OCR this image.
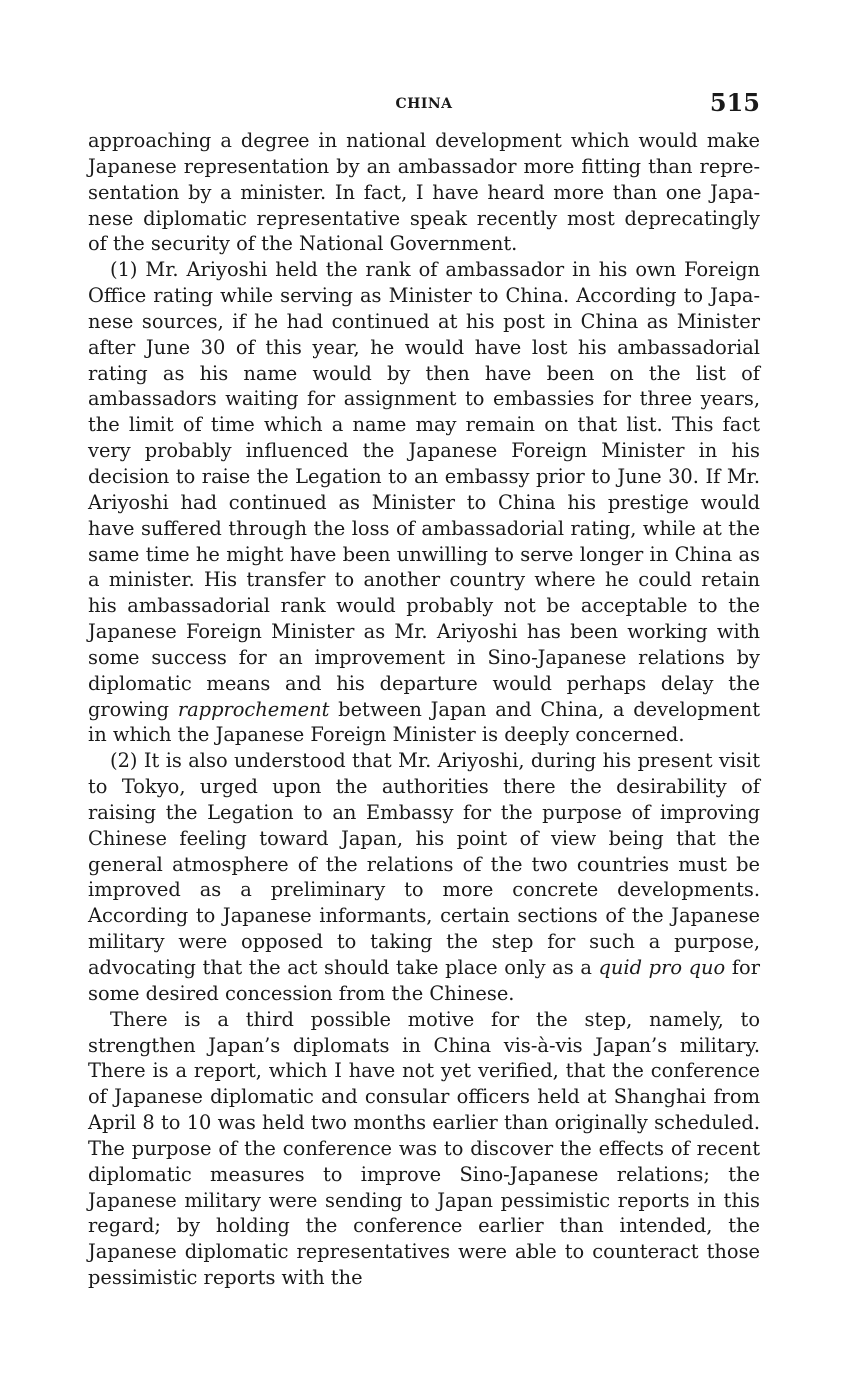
CHINA	515

approaching a degree in national development which would make Japanese representation by an ambassador more fitting than representation by a minister. In fact, I have heard more than one Japanese diplomatic representative speak recently most deprecatingly of the security of the National Government.

(1) Mr. Ariyoshi held the rank of ambassador in his own Foreign Office rating while serving as Minister to China. According to Japanese sources, if he had continued at his post in China as Minister after June 30 of this year, he would have lost his ambassadorial rating as his name would by then have been on the list of ambassadors waiting for assignment to embassies for three years, the limit of time which a name may remain on that list. This fact very probably influenced the Japanese Foreign Minister in his decision to raise the Legation to an embassy prior to June 30. If Mr. Ariyoshi had continued as Minister to China his prestige would have suffered through the loss of ambassadorial rating, while at the same time he might have been unwilling to serve longer in China as a minister. His transfer to another country where he could retain his ambassadorial rank would probably not be acceptable to the Japanese Foreign Minister as Mr. Ariyoshi has been working with some success for an improvement in Sino-Japanese relations by diplomatic means and his departure would perhaps delay the growing rapprochement between Japan and China, a development in which the Japanese Foreign Minister is deeply concerned.

(2) It is also understood that Mr. Ariyoshi, during his present visit to Tokyo, urged upon the authorities there the desirability of raising the Legation to an Embassy for the purpose of improving Chinese feeling toward Japan, his point of view being that the general atmosphere of the relations of the two countries must be improved as a preliminary to more concrete developments. According to Japanese informants, certain sections of the Japanese military were opposed to taking the step for such a purpose, advocating that the act should take place only as a quid pro quo for some desired concession from the Chinese.

There is a third possible motive for the step, namely, to strengthen Japan’s diplomats in China vis-à-vis Japan’s military. There is a report, which I have not yet verified, that the conference of Japanese diplomatic and consular officers held at Shanghai from April 8 to 10 was held two months earlier than originally scheduled. The purpose of the conference was to discover the effects of recent diplomatic measures to improve Sino-Japanese relations; the Japanese military were sending to Japan pessimistic reports in this regard; by holding the conference earlier than intended, the Japanese diplomatic representatives were able to counteract those pessimistic reports with the
